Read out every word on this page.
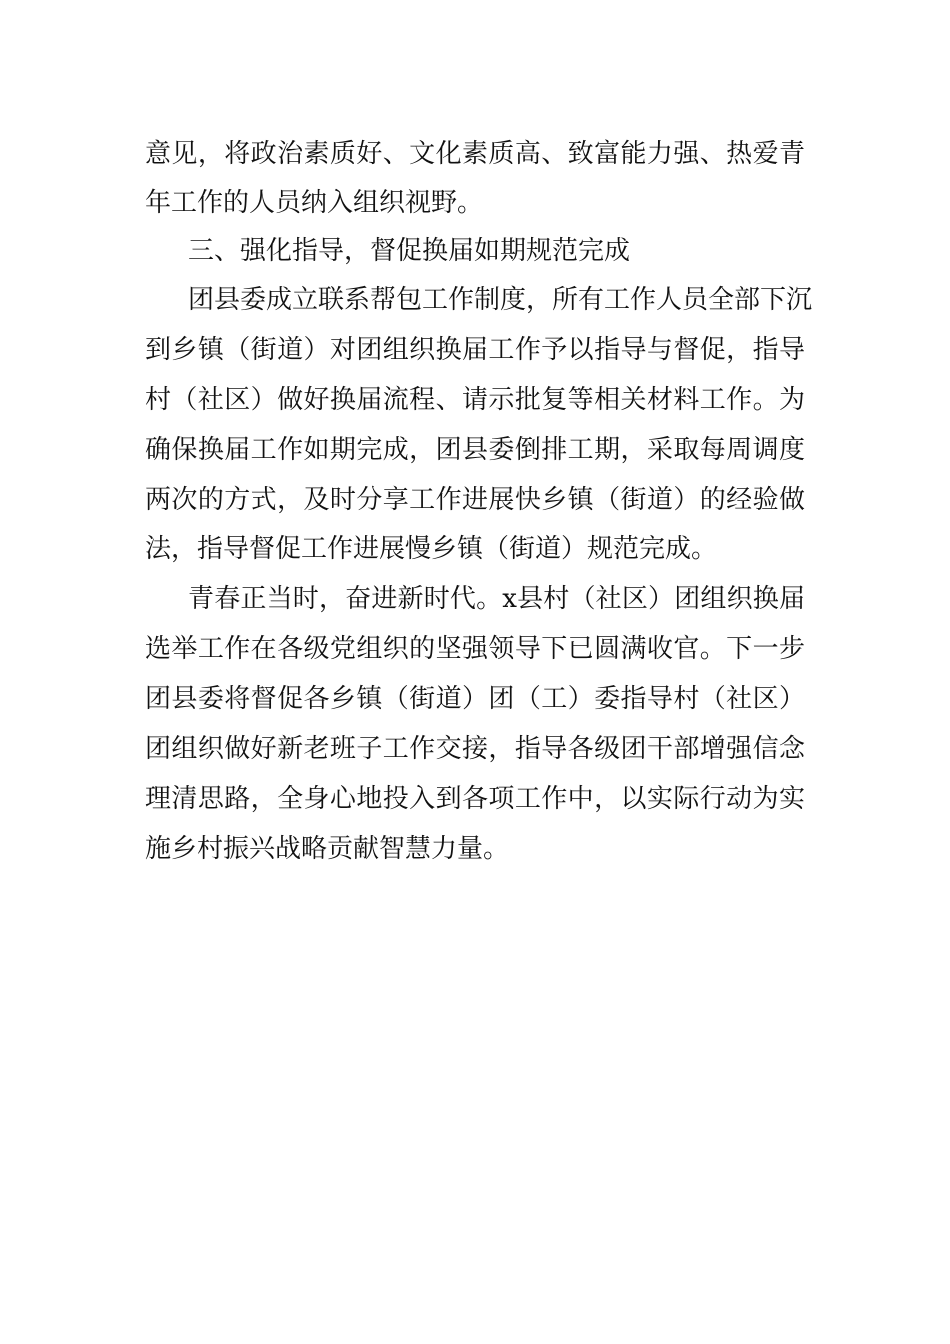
意见，将政治素质好、文化素质高、致富能力强、热爱青
年工作的人员纳入组织视野。
三、强化指导，督促换届如期规范完成
团县委成立联系帮包工作制度，所有工作人员全部下沉
到乡镇（街道）对团组织换届工作予以指导与督促，指导
村（社区）做好换届流程、请示批复等相关材料工作。为
确保换届工作如期完成，团县委倒排工期，采取每周调度
两次的方式，及时分享工作进展快乡镇（街道）的经验做
法，指导督促工作进展慢乡镇（街道）规范完成。
青春正当时，奋进新时代。x县村（社区）团组织换届
选举工作在各级党组织的坚强领导下已圆满收官。下一步
团县委将督促各乡镇（街道）团（工）委指导村（社区）
团组织做好新老班子工作交接，指导各级团干部增强信念
理清思路，全身心地投入到各项工作中，以实际行动为实
施乡村振兴战略贡献智慧力量。
